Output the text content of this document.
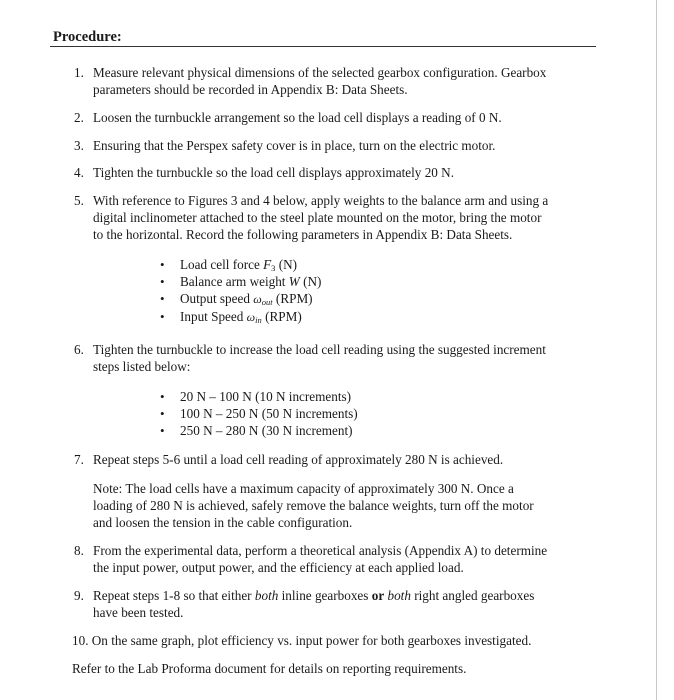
Procedure:
1. Measure relevant physical dimensions of the selected gearbox configuration. Gearbox

parameters should be recorded in Appendix B: Data Sheets.

2. Loosen the turnbuckle arrangement so the load cell displays a reading of 0 N.

3. Ensuring that the Perspex safety cover is in place, turn on the electric motor.

4. Tighten the turnbuckle so the load cell displays approximately 20 N.

5. With reference to Figures 3 and 4 below, apply weights to the balance arm and using a

digital inclinometer attached to the steel plate mounted on the motor, bring the motor

to the horizontal. Record the following parameters in Appendix B: Data Sheets.

•	Load cell force $F_3$ (N)

•	Balance arm weight W (N)

•	Output speed $\omega_{out}$ (RPM)

•	Input Speed $\omega_{in}$ (RPM)

6. Tighten the turnbuckle to increase the load cell reading using the suggested increment

steps listed below:

•	20 N – 100 N (10 N increments)

•	100 N – 250 N (50 N increments)

•	250 N – 280 N (30 N increment)

7. Repeat steps 5-6 until a load cell reading of approximately 280 N is achieved.

Note: The load cells have a maximum capacity of approximately 300 N. Once a

loading of 280 N is achieved, safely remove the balance weights, turn off the motor

and loosen the tension in the cable configuration.

8. From the experimental data, perform a theoretical analysis (Appendix A) to determine

the input power, output power, and the efficiency at each applied load.

9. Repeat steps 1-8 so that either both inline gearboxes or both right angled gearboxes

have been tested.

10. On the same graph, plot efficiency vs. input power for both gearboxes investigated.

Refer to the Lab Proforma document for details on reporting requirements.
